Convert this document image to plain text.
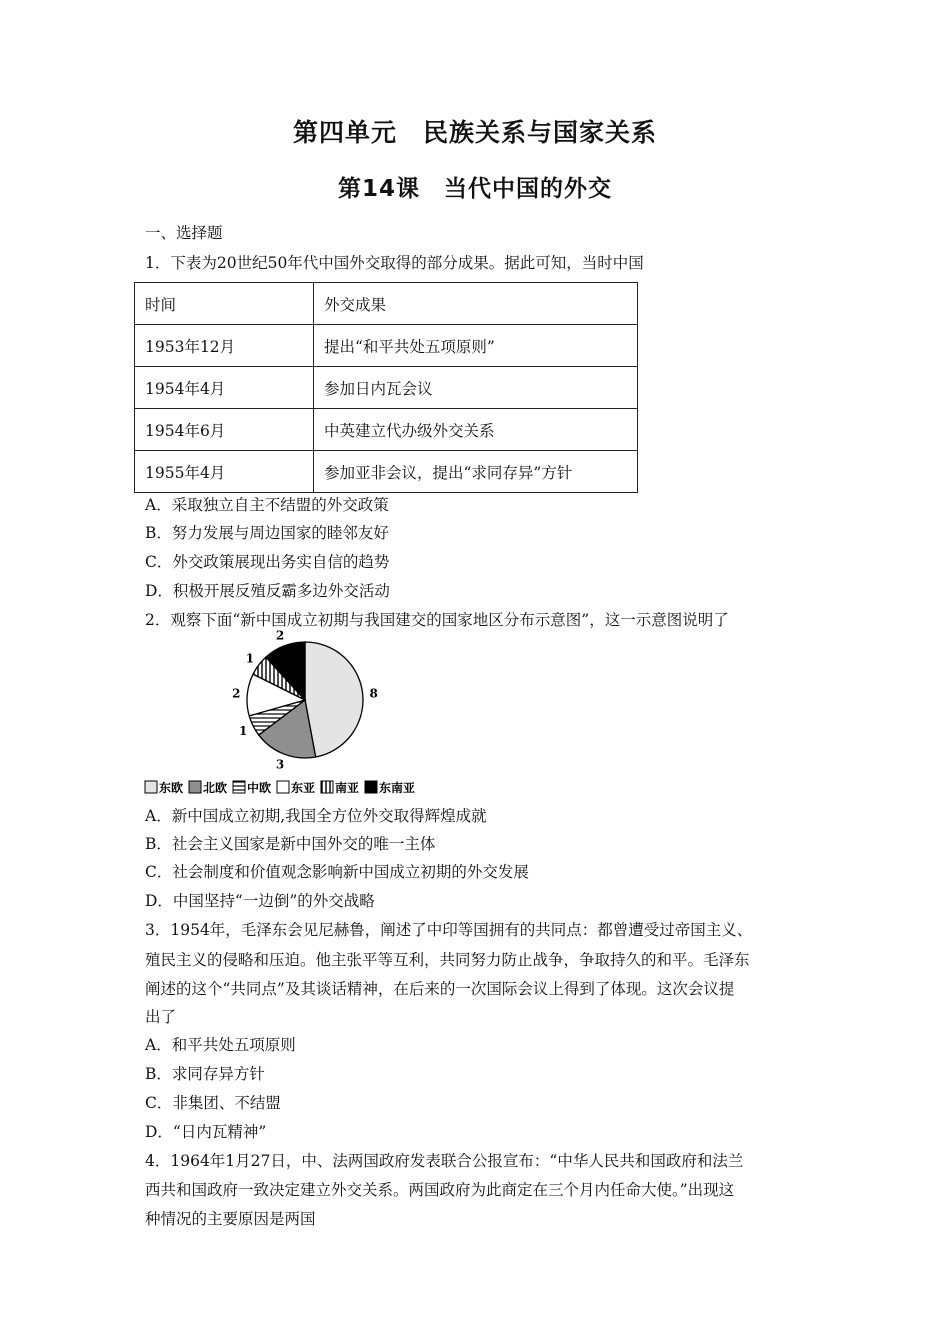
第四单元　民族关系与国家关系
第14课　当代中国的外交
一、选择题
1．下表为20世纪50年代中国外交取得的部分成果。据此可知，当时中国
时间	外交成果
1953年12月	提出“和平共处五项原则”
1954年4月	参加日内瓦会议
1954年6月	中英建立代办级外交关系
1955年4月	参加亚非会议，提出“求同存异”方针
A．采取独立自主不结盟的外交政策
B．努力发展与周边国家的睦邻友好
C．外交政策展现出务实自信的趋势
D．积极开展反殖反霸多边外交活动
2．观察下面“新中国成立初期与我国建交的国家地区分布示意图”，这一示意图说明了
8
3
1
2
1
2
东欧 北欧 中欧 东亚 南亚 东南亚
A．新中国成立初期,我国全方位外交取得辉煌成就
B．社会主义国家是新中国外交的唯一主体
C．社会制度和价值观念影响新中国成立初期的外交发展
D．中国坚持“一边倒”的外交战略
3．1954年，毛泽东会见尼赫鲁，阐述了中印等国拥有的共同点：都曾遭受过帝国主义、
殖民主义的侵略和压迫。他主张平等互利，共同努力防止战争，争取持久的和平。毛泽东
阐述的这个“共同点”及其谈话精神，在后来的一次国际会议上得到了体现。这次会议提
出了
A．和平共处五项原则
B．求同存异方针
C．非集团、不结盟
D．“日内瓦精神”
4．1964年1月27日，中、法两国政府发表联合公报宣布：“中华人民共和国政府和法兰
西共和国政府一致决定建立外交关系。两国政府为此商定在三个月内任命大使。”出现这
种情况的主要原因是两国
